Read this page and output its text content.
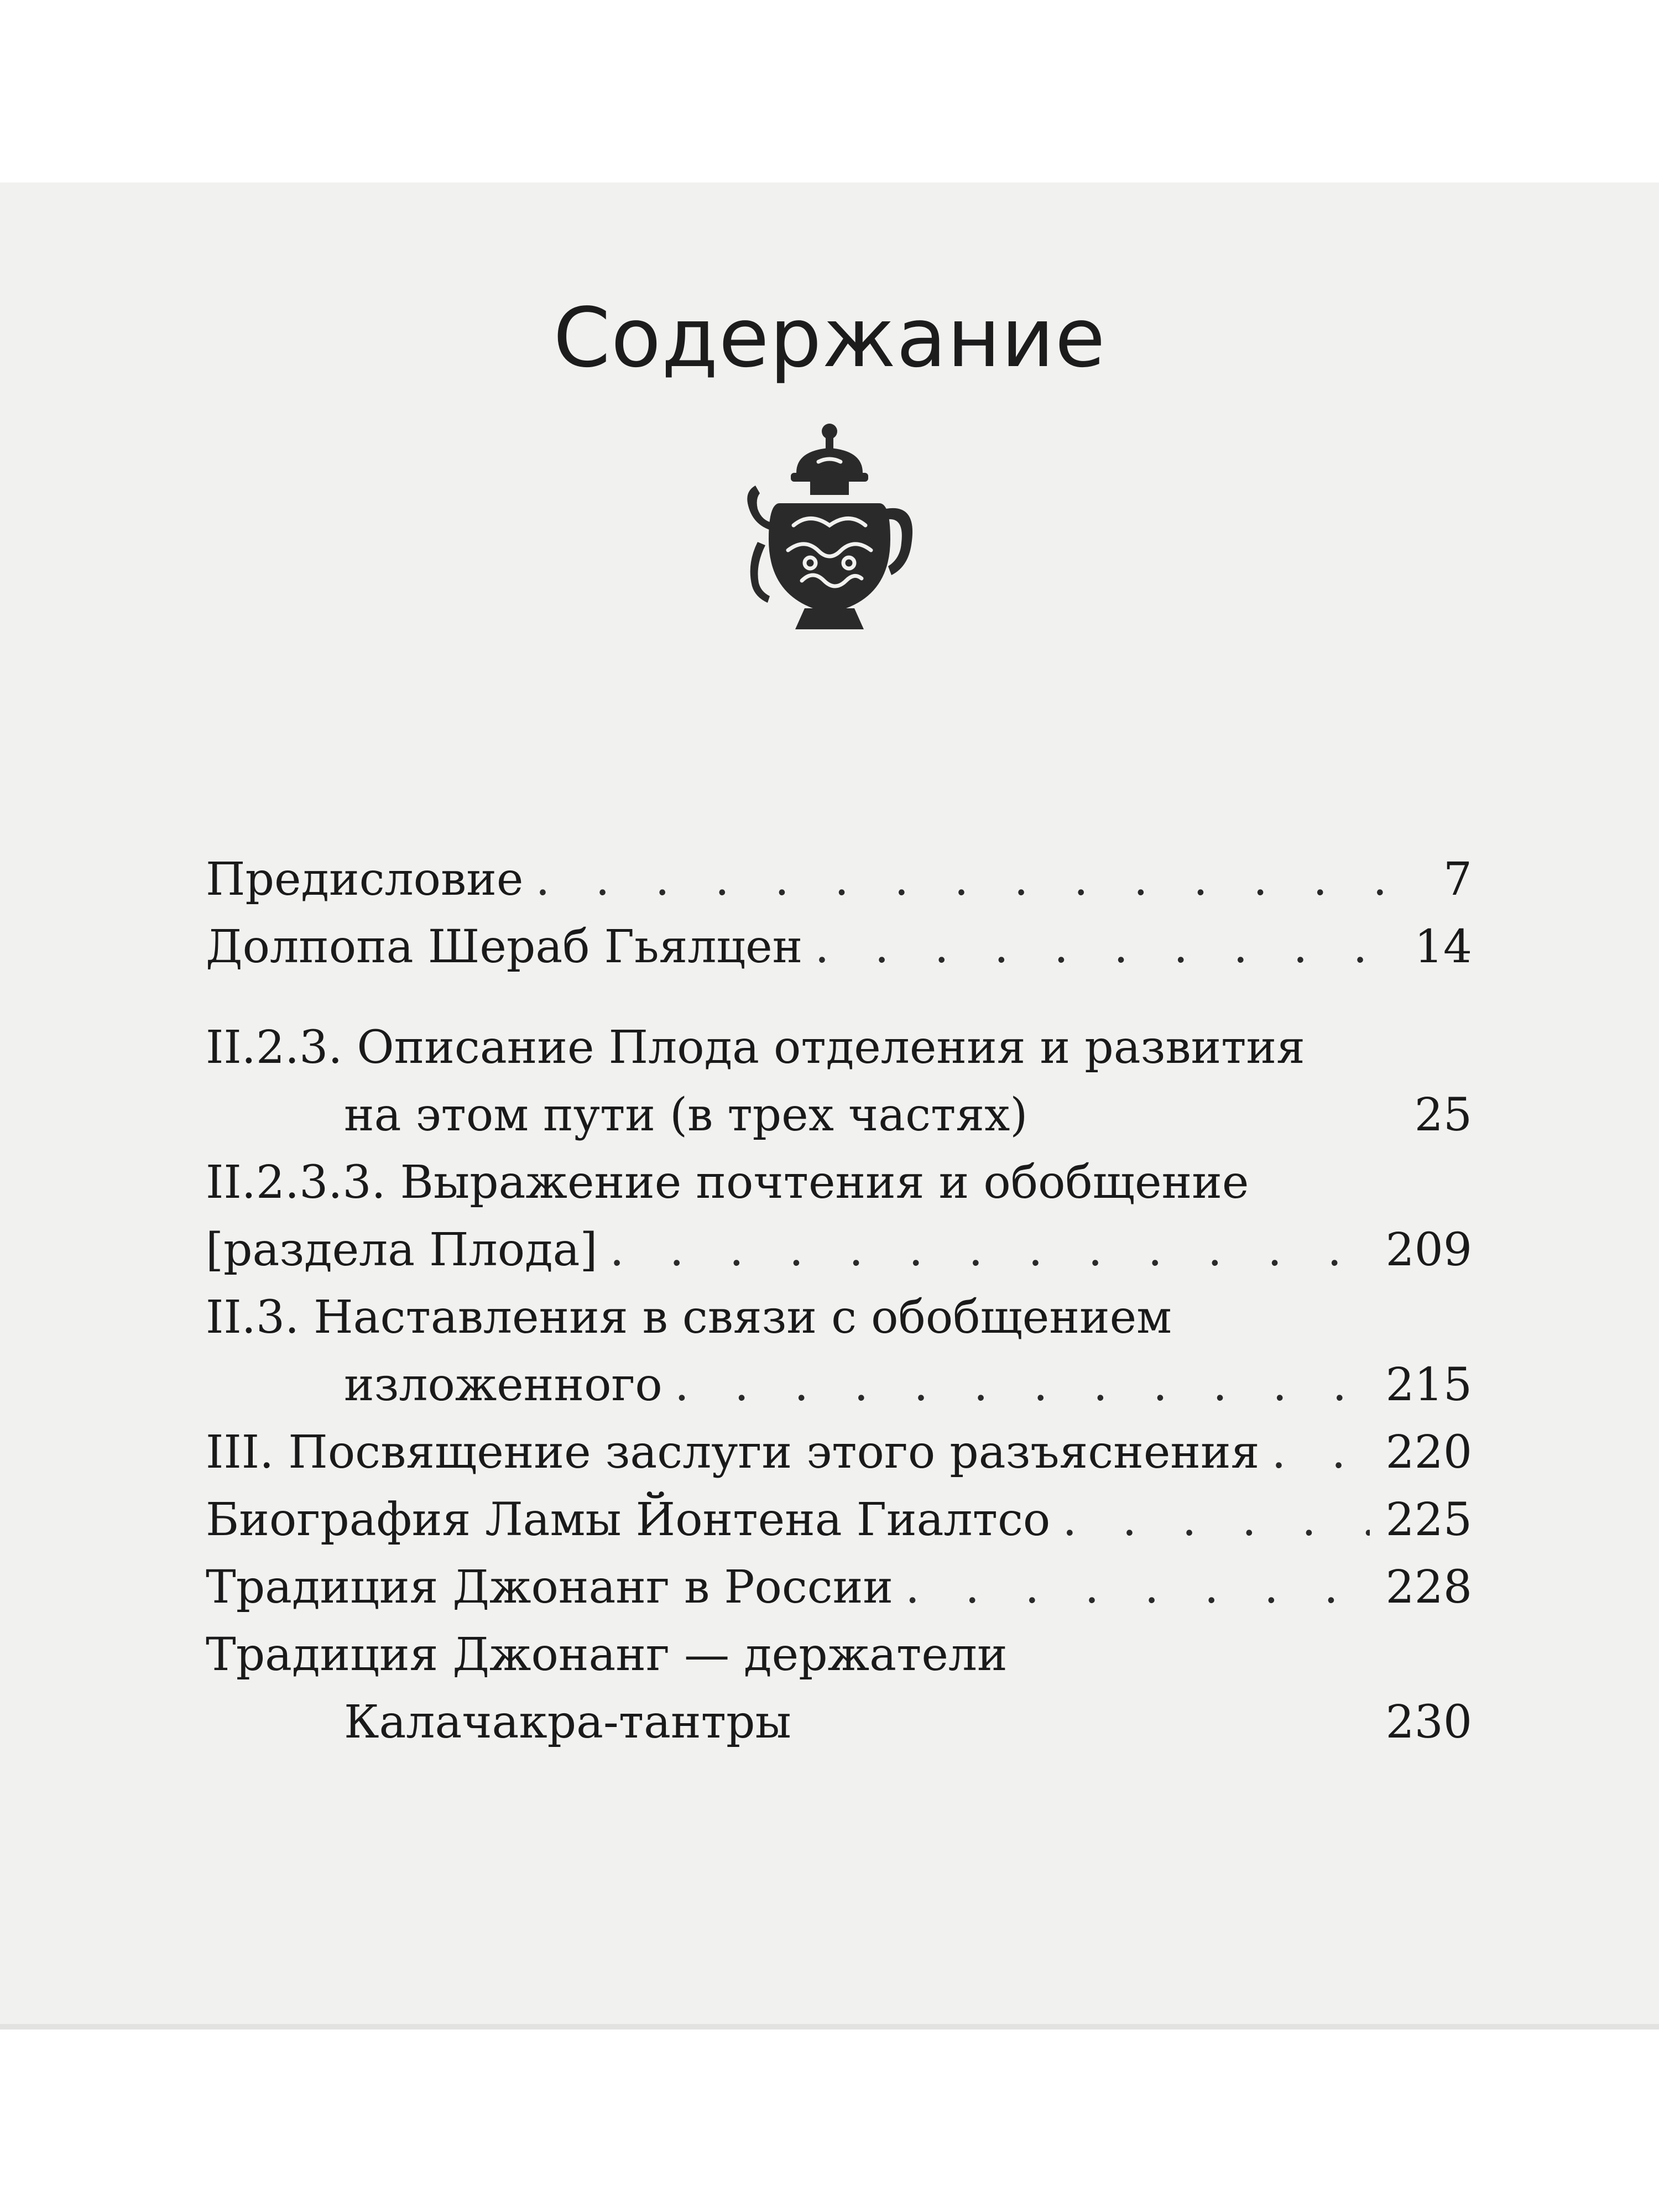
Содержание
Предисловие . . .	7
Долпопа Шераб Гьялцен . . .	14
II.2.3. Описание Плода отделения и развития
на этом пути (в трех частях)	25
II.2.3.3. Выражение почтения и обобщение
[раздела Плода] . . .	209
II.3. Наставления в связи с обобщением
изложенного . . .	215
III. Посвящение заслуги этого разъяснения . . .	220
Биография Ламы Йонтена Гиалтсо . . .	225
Традиция Джонанг в России . . .	228
Традиция Джонанг — держатели
Калачакра-тантры	230
